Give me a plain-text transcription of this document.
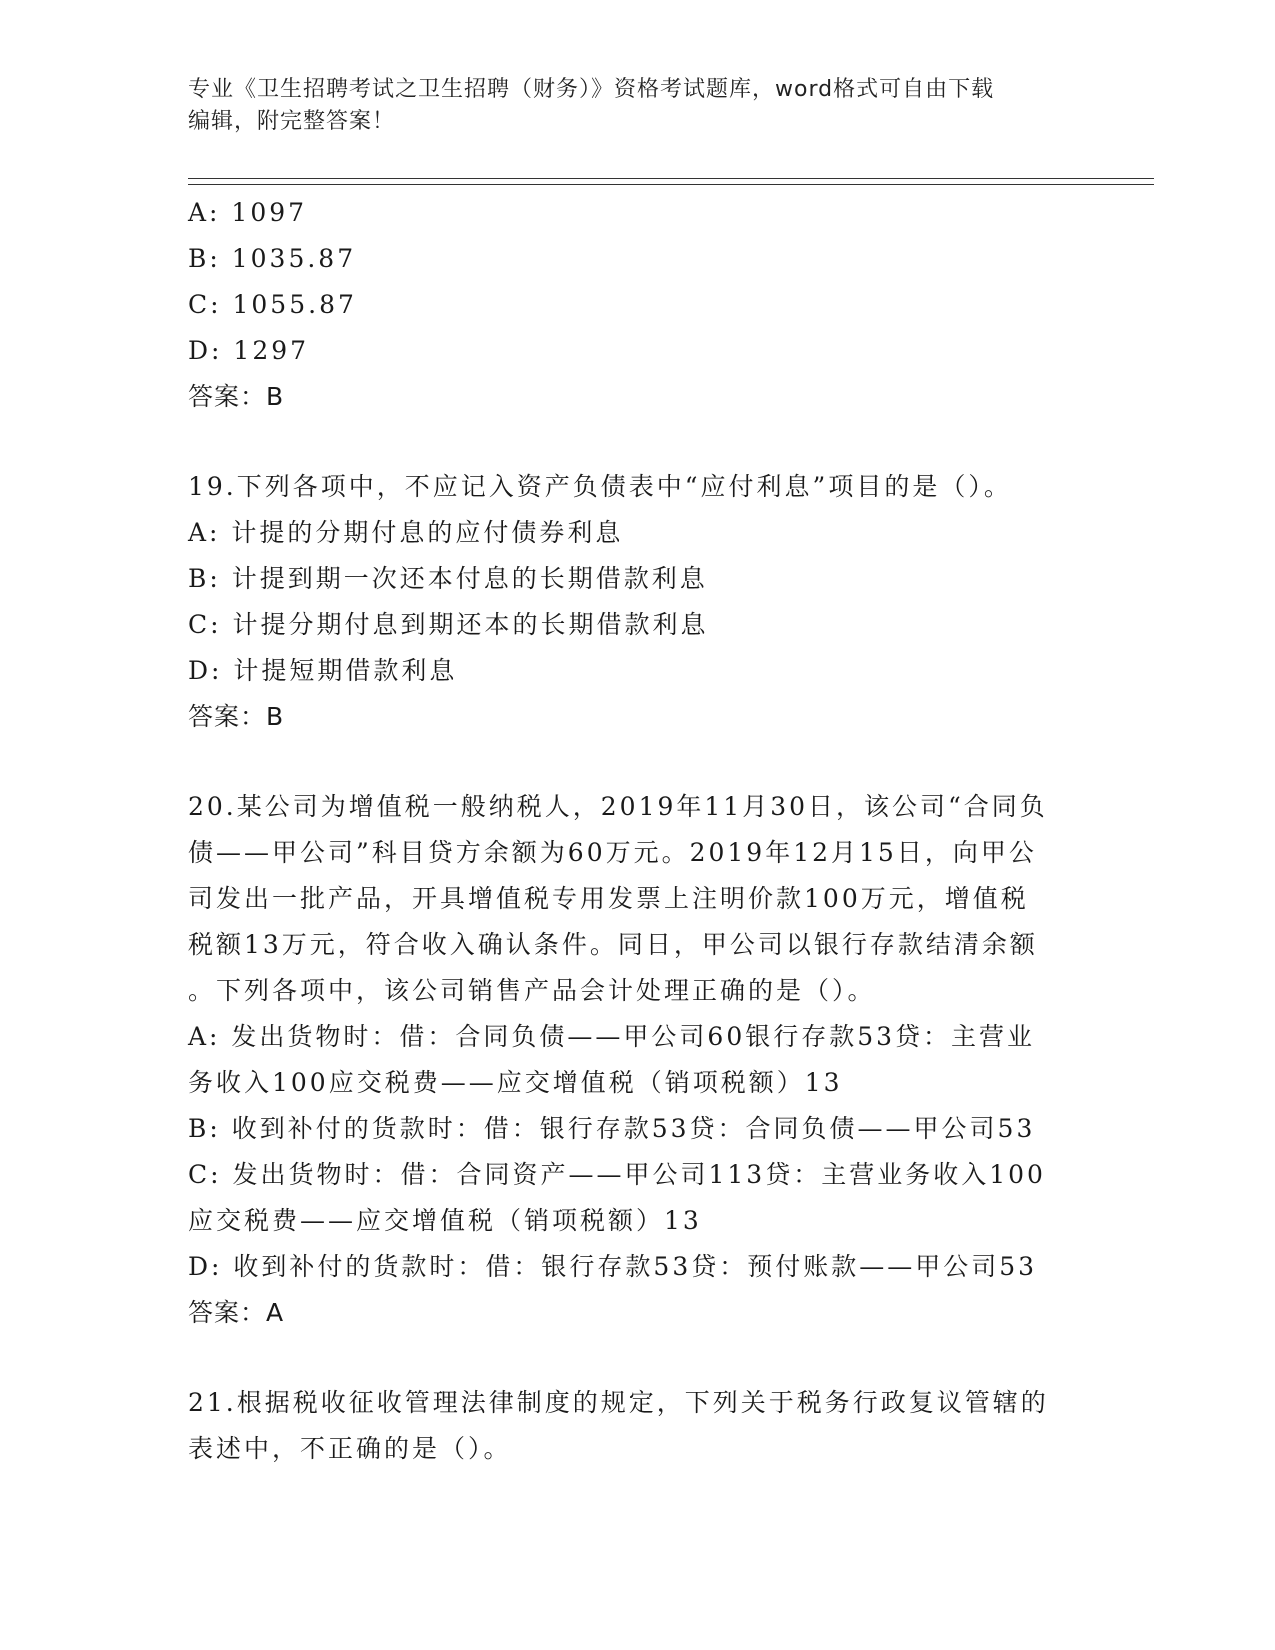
专业《卫生招聘考试之卫生招聘（财务）》资格考试题库，word格式可自由下载
编辑，附完整答案！
A: 1097
B: 1035.87
C: 1055.87
D: 1297
答案：B
19.下列各项中，不应记入资产负债表中“应付利息”项目的是（）。
A: 计提的分期付息的应付债券利息
B: 计提到期一次还本付息的长期借款利息
C: 计提分期付息到期还本的长期借款利息
D: 计提短期借款利息
答案：B
20.某公司为增值税一般纳税人，2019年11月30日，该公司“合同负
债——甲公司”科目贷方余额为60万元。2019年12月15日，向甲公
司发出一批产品，开具增值税专用发票上注明价款100万元，增值税
税额13万元，符合收入确认条件。同日，甲公司以银行存款结清余额
。下列各项中，该公司销售产品会计处理正确的是（）。
A: 发出货物时：借：合同负债——甲公司60银行存款53贷：主营业
务收入100应交税费——应交增值税（销项税额）13
B: 收到补付的货款时：借：银行存款53贷：合同负债——甲公司53
C: 发出货物时：借：合同资产——甲公司113贷：主营业务收入100
应交税费——应交增值税（销项税额）13
D: 收到补付的货款时：借：银行存款53贷：预付账款——甲公司53
答案：A
21.根据税收征收管理法律制度的规定，下列关于税务行政复议管辖的
表述中，不正确的是（）。
